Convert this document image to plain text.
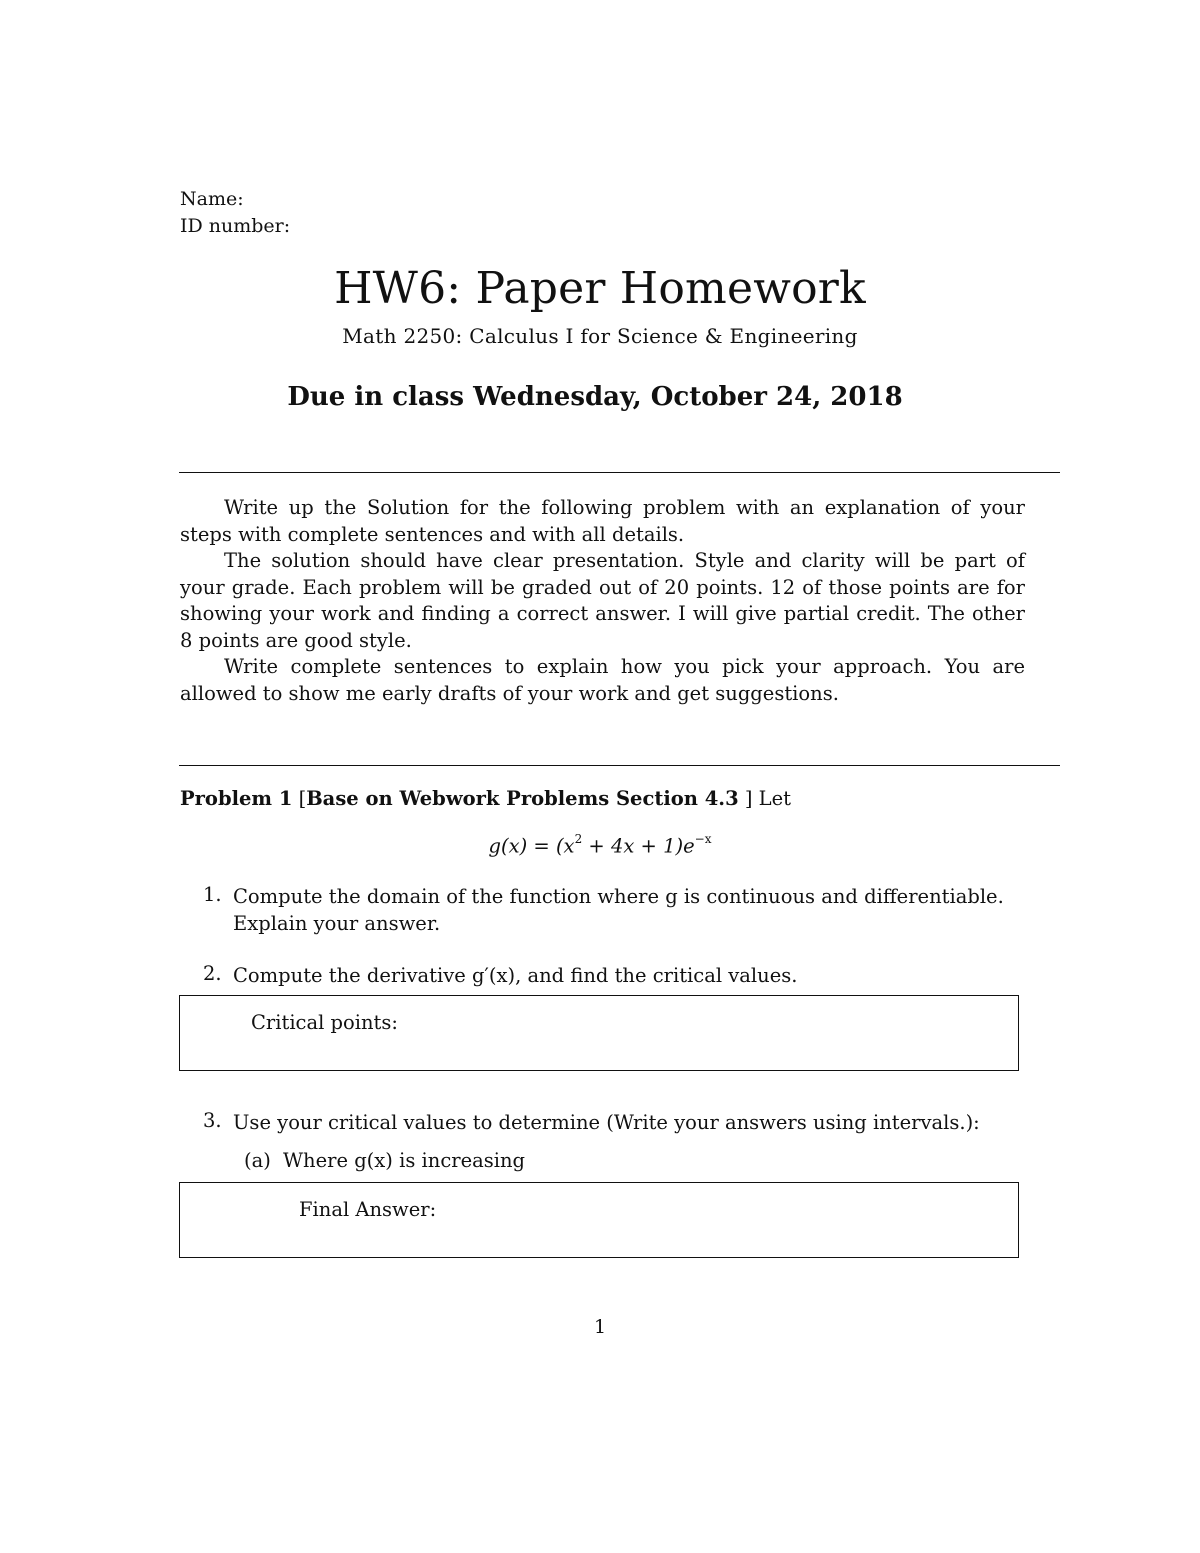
Name:
ID number:
HW6: Paper Homework
Math 2250: Calculus I for Science & Engineering
Due in class Wednesday, October 24, 2018

Write up the Solution for the following problem with an explanation of your steps with complete sentences and with all details.

The solution should have clear presentation. Style and clarity will be part of your grade. Each problem will be graded out of 20 points. 12 of those points are for showing your work and finding a correct answer. I will give partial credit. The other 8 points are good style.

Write complete sentences to explain how you pick your approach. You are allowed to show me early drafts of your work and get suggestions.

Problem 1 [Base on Webwork Problems Section 4.3 ] Let
$g(x) = (x^2 + 4x + 1)e^{-x}$
1. Compute the domain of the function where g is continuous and differentiable. Explain your answer.
2. Compute the derivative g′(x), and find the critical values.
Critical points:
3. Use your critical values to determine (Write your answers using intervals.):
(a) Where g(x) is increasing
Final Answer:
1
